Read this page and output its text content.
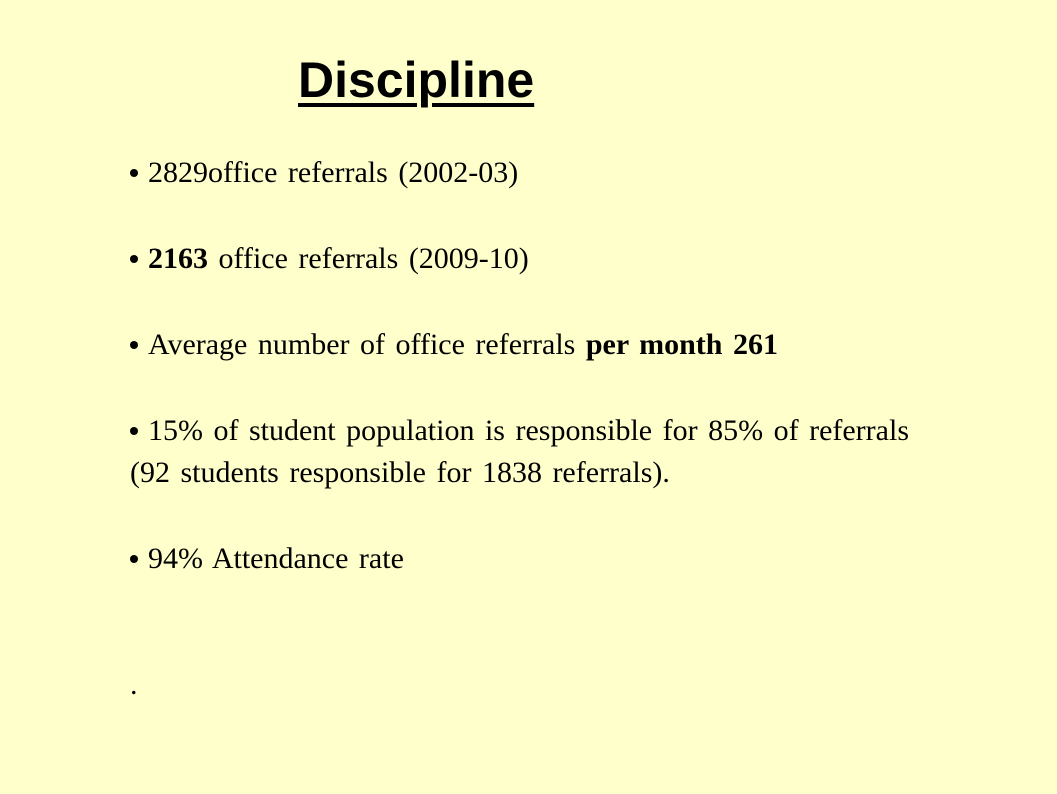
Discipline

2829office referrals (2002-03)

2163 office referrals (2009-10)

Average number of office referrals per month 261

15% of student population is responsible for 85% of referrals (92 students responsible for 1838 referrals).

94% Attendance rate

.
